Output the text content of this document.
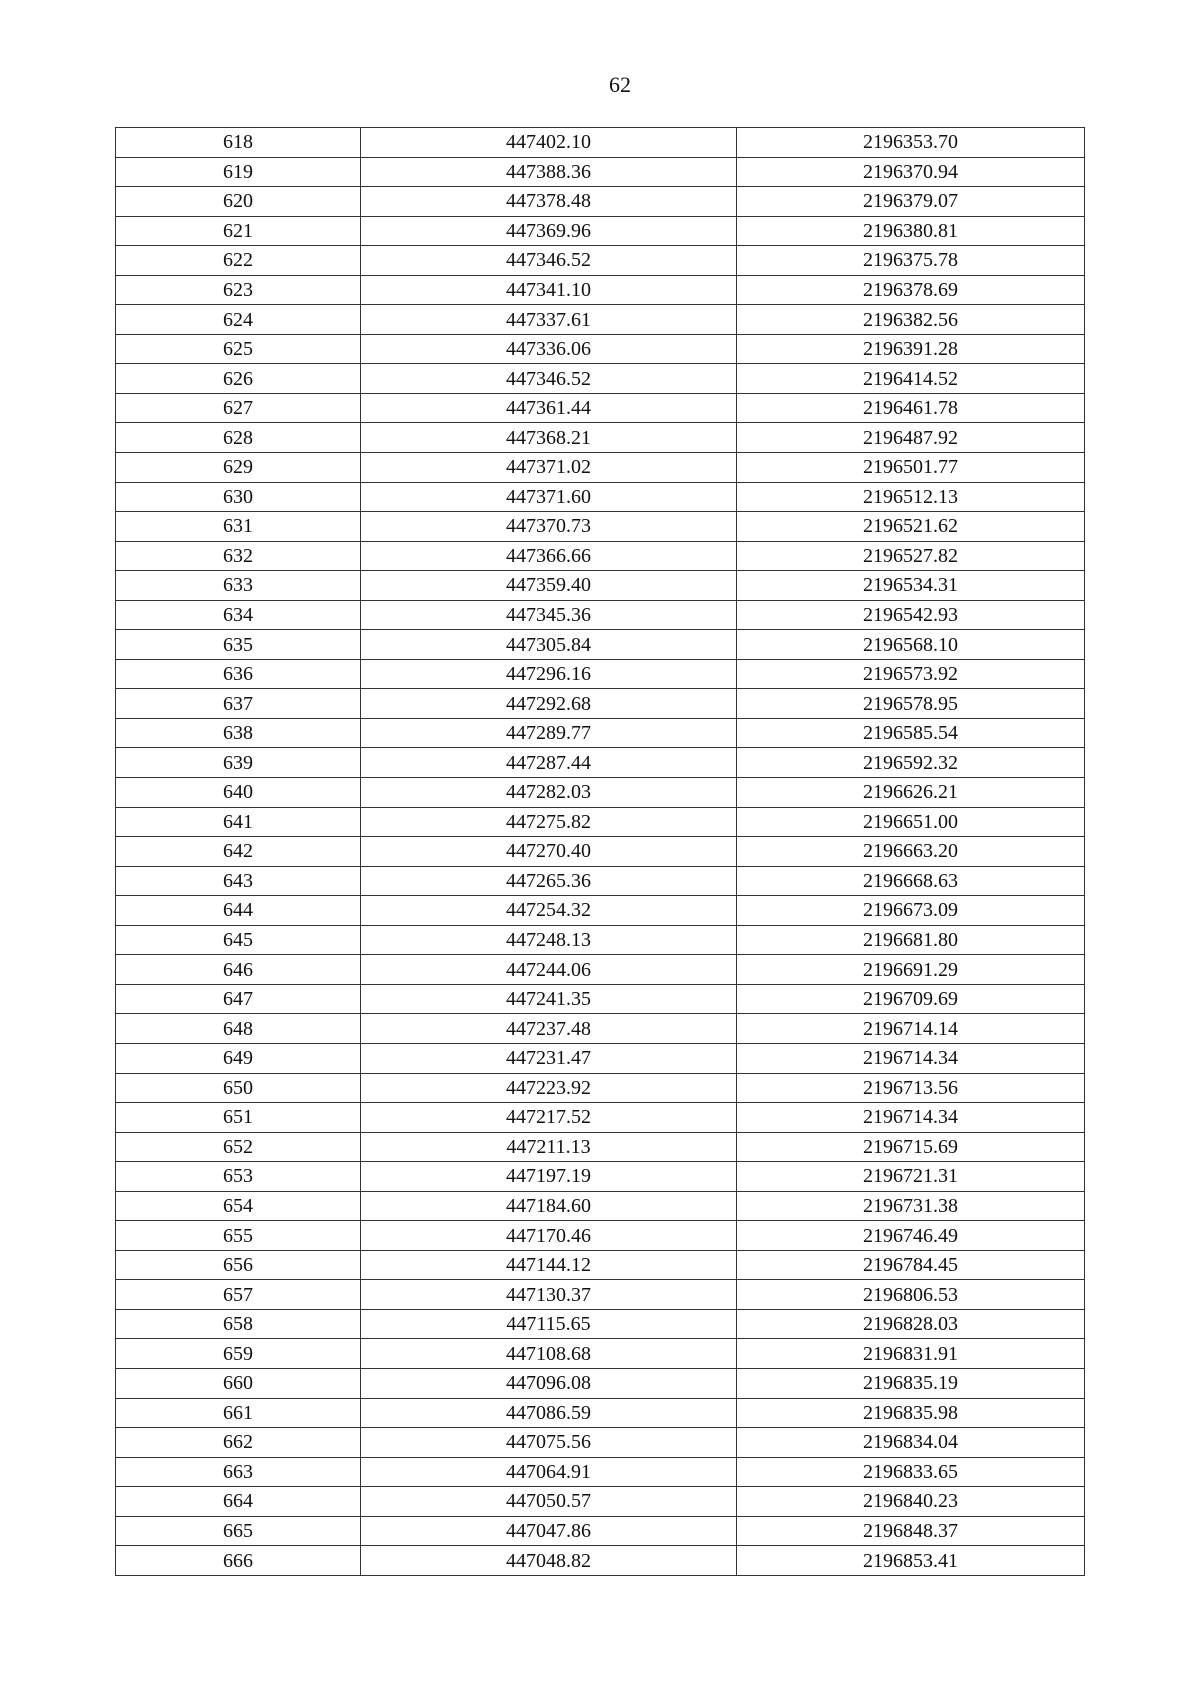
62
618	447402.10	2196353.70
619	447388.36	2196370.94
620	447378.48	2196379.07
621	447369.96	2196380.81
622	447346.52	2196375.78
623	447341.10	2196378.69
624	447337.61	2196382.56
625	447336.06	2196391.28
626	447346.52	2196414.52
627	447361.44	2196461.78
628	447368.21	2196487.92
629	447371.02	2196501.77
630	447371.60	2196512.13
631	447370.73	2196521.62
632	447366.66	2196527.82
633	447359.40	2196534.31
634	447345.36	2196542.93
635	447305.84	2196568.10
636	447296.16	2196573.92
637	447292.68	2196578.95
638	447289.77	2196585.54
639	447287.44	2196592.32
640	447282.03	2196626.21
641	447275.82	2196651.00
642	447270.40	2196663.20
643	447265.36	2196668.63
644	447254.32	2196673.09
645	447248.13	2196681.80
646	447244.06	2196691.29
647	447241.35	2196709.69
648	447237.48	2196714.14
649	447231.47	2196714.34
650	447223.92	2196713.56
651	447217.52	2196714.34
652	447211.13	2196715.69
653	447197.19	2196721.31
654	447184.60	2196731.38
655	447170.46	2196746.49
656	447144.12	2196784.45
657	447130.37	2196806.53
658	447115.65	2196828.03
659	447108.68	2196831.91
660	447096.08	2196835.19
661	447086.59	2196835.98
662	447075.56	2196834.04
663	447064.91	2196833.65
664	447050.57	2196840.23
665	447047.86	2196848.37
666	447048.82	2196853.41
